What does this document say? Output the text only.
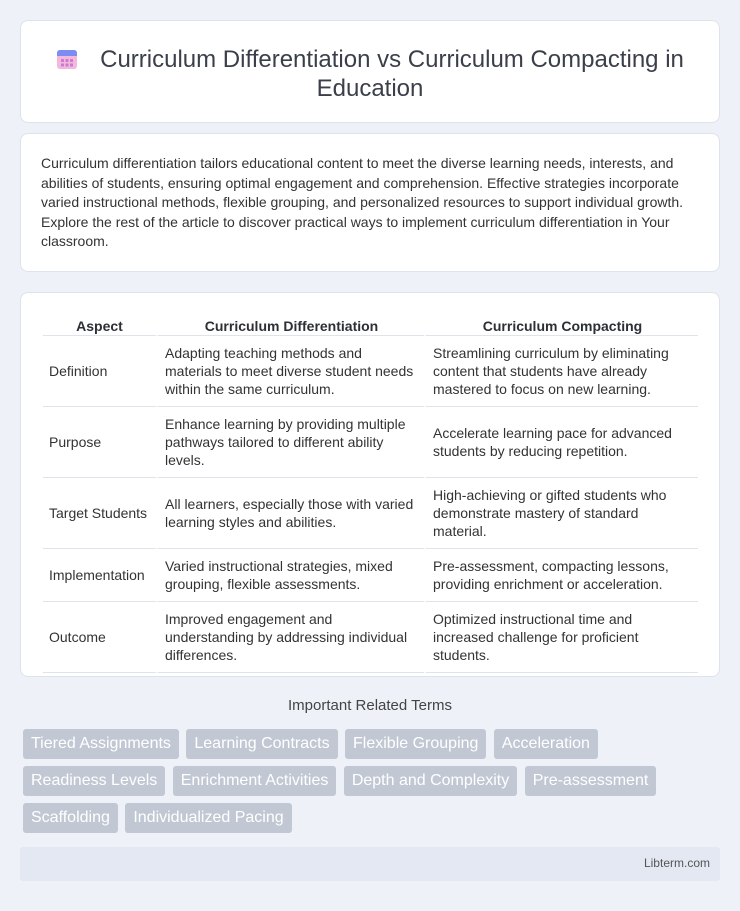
Curriculum Differentiation vs Curriculum Compacting in Education

Curriculum differentiation tailors educational content to meet the diverse learning needs, interests, and abilities of students, ensuring optimal engagement and comprehension. Effective strategies incorporate varied instructional methods, flexible grouping, and personalized resources to support individual growth. Explore the rest of the article to discover practical ways to implement curriculum differentiation in Your classroom.

Aspect	Curriculum Differentiation	Curriculum Compacting
Definition	Adapting teaching methods and materials to meet diverse student needs within the same curriculum.	Streamlining curriculum by eliminating content that students have already mastered to focus on new learning.
Purpose	Enhance learning by providing multiple pathways tailored to different ability levels.	Accelerate learning pace for advanced students by reducing repetition.
Target Students	All learners, especially those with varied learning styles and abilities.	High-achieving or gifted students who demonstrate mastery of standard material.
Implementation	Varied instructional strategies, mixed grouping, flexible assessments.	Pre-assessment, compacting lessons, providing enrichment or acceleration.
Outcome	Improved engagement and understanding by addressing individual differences.	Optimized instructional time and increased challenge for proficient students.
Important Related Terms
Tiered Assignments Learning Contracts Flexible Grouping Acceleration Readiness Levels Enrichment Activities Depth and Complexity Pre-assessment Scaffolding Individualized Pacing
Libterm.com
